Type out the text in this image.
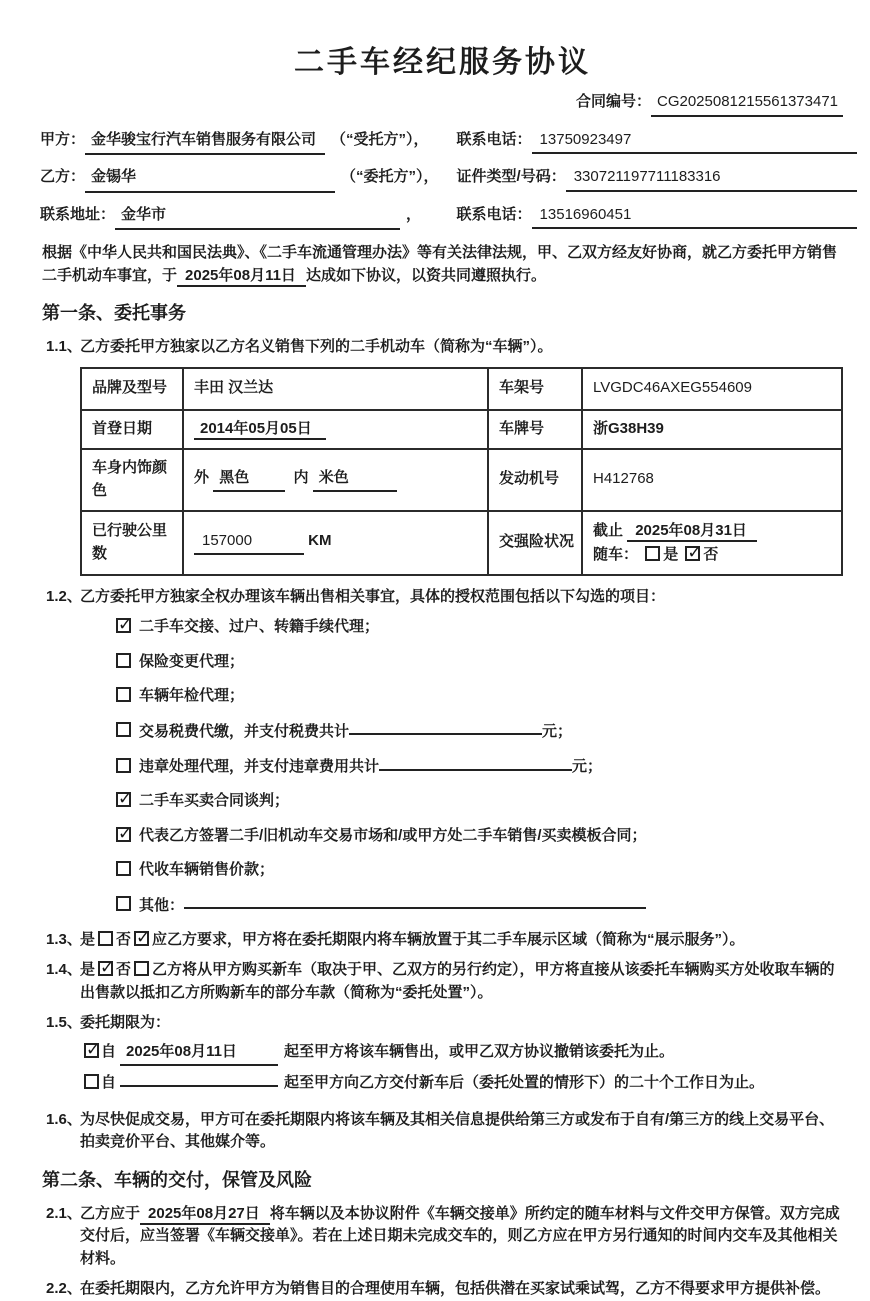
二手车经纪服务协议
合同编号： CG2025081215561373471
甲方： 金华骏宝行汽车销售服务有限公司 （“受托方”）， 联系电话： 13750923497
乙方： 金锡华	（“委托方”）， 证件类型/号码： 330721197711183316
联系地址： 金华市	， 联系电话： 13516960451

根据《中华人民共和国民法典》、《二手车流通管理办法》等有关法律法规，甲、乙双方经友好协商，就乙方委托甲方销售二手机动车事宜，于 2025年08月11日 达成如下协议，以资共同遵照执行。

第一条、委托事务
1.1、
乙方委托甲方独家以乙方名义销售下列的二手机动车（简称为“车辆”）。
品牌及型号	丰田 汉兰达	车架号	LVGDC46AXEG554609
首登日期	2014年05月05日	车牌号	浙G38H39
车身内饰颜色	外 黑色 内 米色	发动机号	H412768
已行驶公里数	157000 KM	交强险状况	截止 2025年08月31日
随车： 是 ✓ 否
1.2、
乙方委托甲方独家全权办理该车辆出售相关事宜，具体的授权范围包括以下勾选的项目：
✓二手车交接、过户、转籍手续代理；
保险变更代理；
车辆年检代理；
交易税费代缴，并支付税费共计	元；
违章处理代理，并支付违章费用共计	元；
✓二手车买卖合同谈判；
✓代表乙方签署二手/旧机动车交易市场和/或甲方处二手车销售/买卖模板合同；
代收车辆销售价款；
其他：
1.3、
是 否 ✓ 应乙方要求，甲方将在委托期限内将车辆放置于其二手车展示区域（简称为“展示服务”）。
1.4、
是 ✓ 否 乙方将从甲方购买新车（取决于甲、乙双方的另行约定），甲方将直接从该委托车辆购买方处收取车辆的出售款以抵扣乙方所购新车的部分车款（简称为“委托处置”）。
1.5、
委托期限为：
✓自 2025年08月11日	起至甲方将该车辆售出，或甲乙双方协议撤销该委托为止。
自	起至甲方向乙方交付新车后（委托处置的情形下）的二十个工作日为止。
1.6、
为尽快促成交易，甲方可在委托期限内将该车辆及其相关信息提供给第三方或发布于自有/第三方的线上交易平台、拍卖竞价平台、其他媒介等。
第二条、车辆的交付，保管及风险
2.1、
乙方应于 2025年08月27日 将车辆以及本协议附件《车辆交接单》所约定的随车材料与文件交甲方保管。双方完成交付后，应当签署《车辆交接单》。若在上述日期未完成交车的，则乙方应在甲方另行通知的时间内交车及其他相关材料。
2.2、
在委托期限内，乙方允许甲方为销售目的合理使用车辆，包括供潜在买家试乘试驾，乙方不得要求甲方提供补偿。
